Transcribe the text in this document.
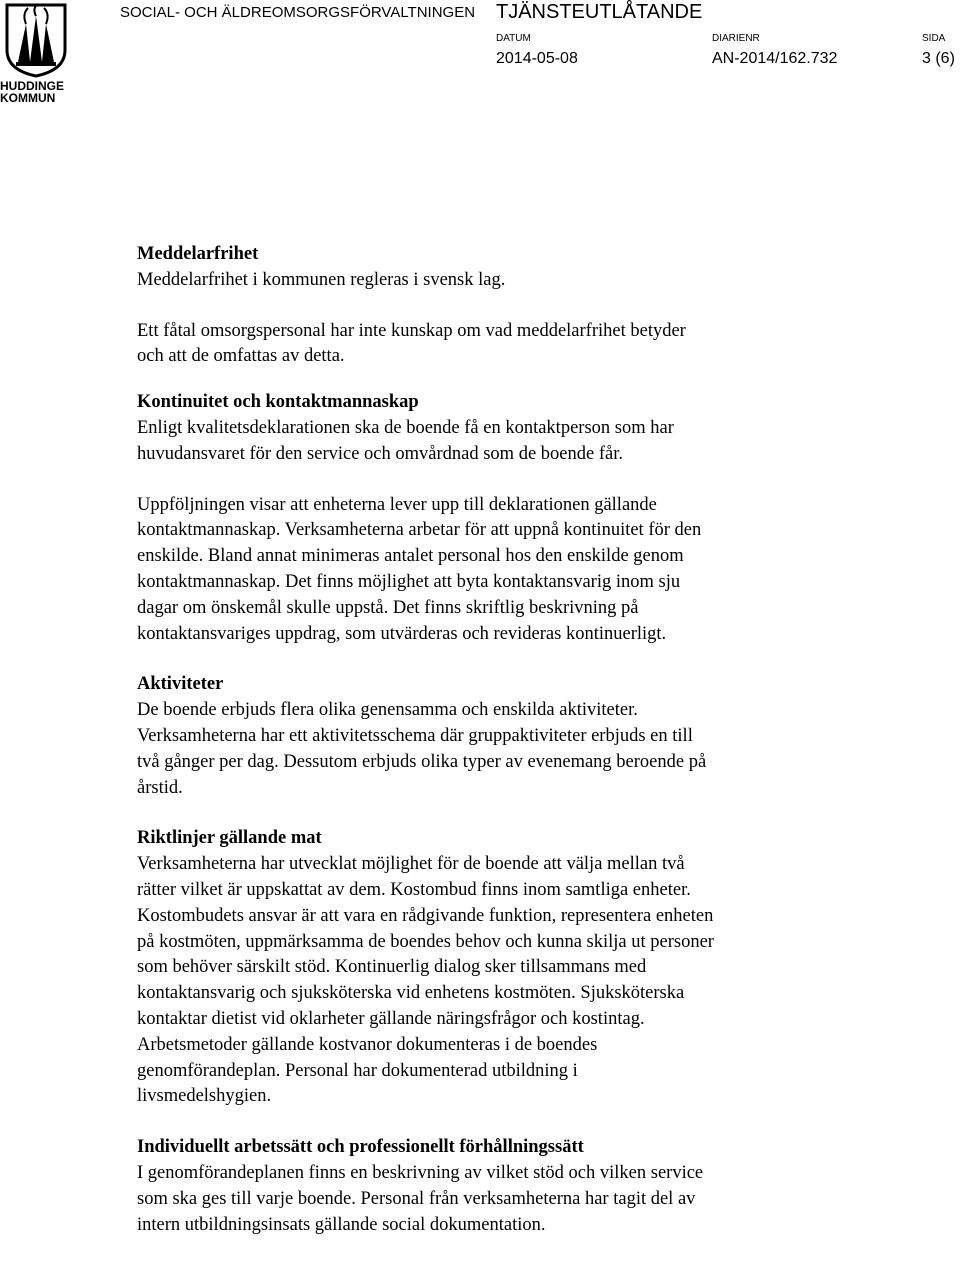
HUDDINGE
KOMMUN
SOCIAL- OCH ÄLDREOMSORGSFÖRVALTNINGEN TJÄNSTEUTLÅTANDE
DATUM	DIARIENR	SIDA
2014-05-08	AN-2014/162.732	3 (6)
Meddelarfrihet

Meddelarfrihet i kommunen regleras i svensk lag.

Ett fåtal omsorgspersonal har inte kunskap om vad meddelarfrihet betyder

och att de omfattas av detta.

Kontinuitet och kontaktmannaskap

Enligt kvalitetsdeklarationen ska de boende få en kontaktperson som har

huvudansvaret för den service och omvårdnad som de boende får.

Uppföljningen visar att enheterna lever upp till deklarationen gällande

kontaktmannaskap. Verksamheterna arbetar för att uppnå kontinuitet för den

enskilde. Bland annat minimeras antalet personal hos den enskilde genom

kontaktmannaskap. Det finns möjlighet att byta kontaktansvarig inom sju

dagar om önskemål skulle uppstå. Det finns skriftlig beskrivning på

kontaktansvariges uppdrag, som utvärderas och revideras kontinuerligt.

Aktiviteter

De boende erbjuds flera olika genensamma och enskilda aktiviteter.

Verksamheterna har ett aktivitetsschema där gruppaktiviteter erbjuds en till

två gånger per dag. Dessutom erbjuds olika typer av evenemang beroende på

årstid.

Riktlinjer gällande mat

Verksamheterna har utvecklat möjlighet för de boende att välja mellan två

rätter vilket är uppskattat av dem. Kostombud finns inom samtliga enheter.

Kostombudets ansvar är att vara en rådgivande funktion, representera enheten

på kostmöten, uppmärksamma de boendes behov och kunna skilja ut personer

som behöver särskilt stöd. Kontinuerlig dialog sker tillsammans med

kontaktansvarig och sjuksköterska vid enhetens kostmöten. Sjuksköterska

kontaktar dietist vid oklarheter gällande näringsfrågor och kostintag.

Arbetsmetoder gällande kostvanor dokumenteras i de boendes

genomförandeplan. Personal har dokumenterad utbildning i

livsmedelshygien.

Individuellt arbetssätt och professionellt förhållningssätt

I genomförandeplanen finns en beskrivning av vilket stöd och vilken service

som ska ges till varje boende. Personal från verksamheterna har tagit del av

intern utbildningsinsats gällande social dokumentation.
